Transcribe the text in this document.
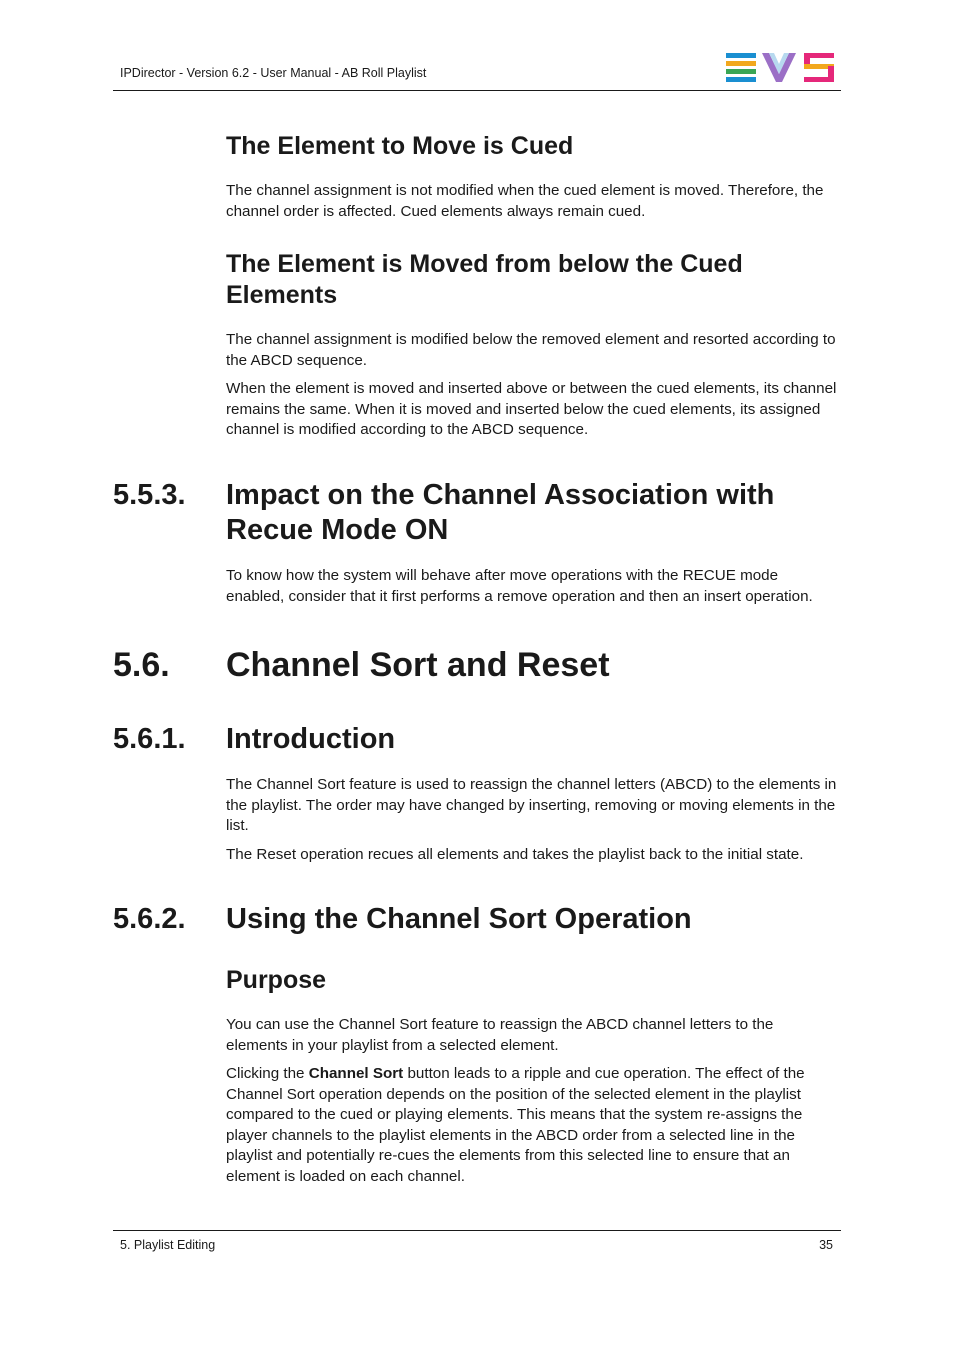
IPDirector - Version 6.2 - User Manual - AB Roll Playlist
The Element to Move is Cued

The channel assignment is not modified when the cued element is moved. Therefore, the channel order is affected. Cued elements always remain cued.

The Element is Moved from below the Cued Elements

The channel assignment is modified below the removed element and resorted according to the ABCD sequence.

When the element is moved and inserted above or between the cued elements, its channel remains the same. When it is moved and inserted below the cued elements, its assigned channel is modified according to the ABCD sequence.

5.5.3. Impact on the Channel Association with Recue Mode ON

To know how the system will behave after move operations with the RECUE mode enabled, consider that it first performs a remove operation and then an insert operation.

5.6. Channel Sort and Reset
5.6.1. Introduction

The Channel Sort feature is used to reassign the channel letters (ABCD) to the elements in the playlist. The order may have changed by inserting, removing or moving elements in the list.

The Reset operation recues all elements and takes the playlist back to the initial state.

5.6.2. Using the Channel Sort Operation
Purpose

You can use the Channel Sort feature to reassign the ABCD channel letters to the elements in your playlist from a selected element.

Clicking the Channel Sort button leads to a ripple and cue operation. The effect of the Channel Sort operation depends on the position of the selected element in the playlist compared to the cued or playing elements. This means that the system re-assigns the player channels to the playlist elements in the ABCD order from a selected line in the playlist and potentially re-cues the elements from this selected line to ensure that an element is loaded on each channel.

5. Playlist Editing	35
